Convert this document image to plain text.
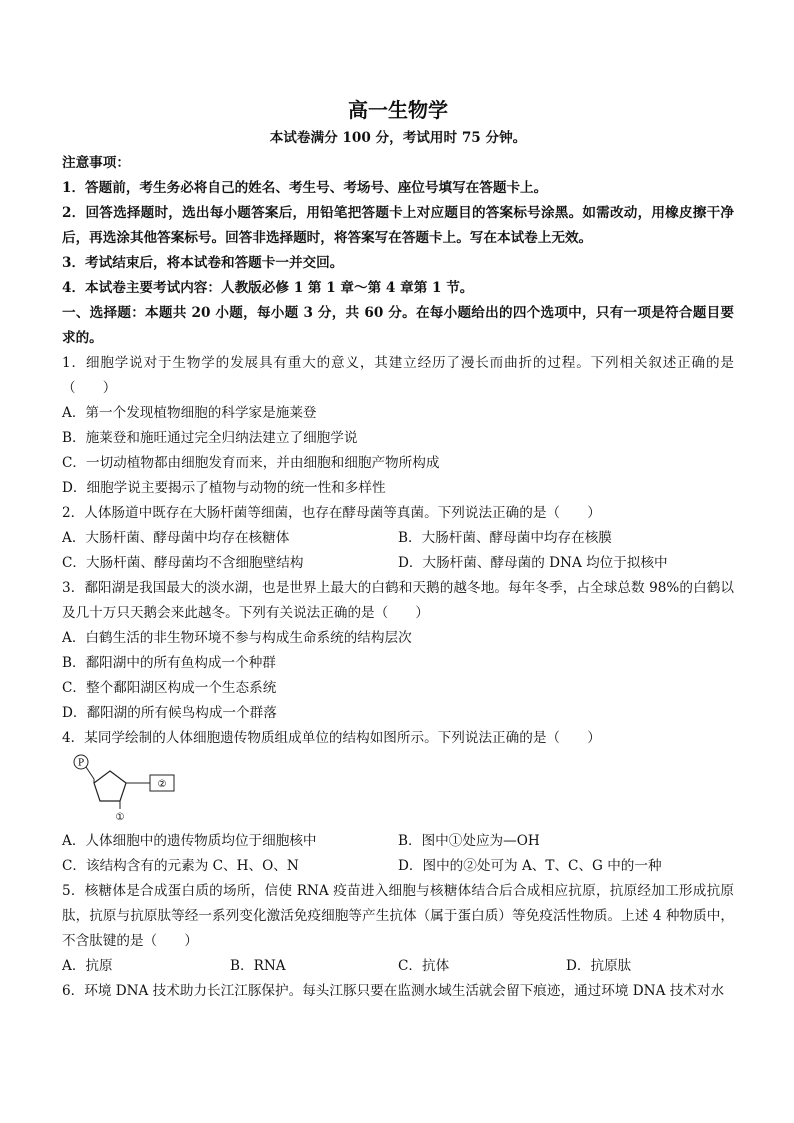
高一生物学
本试卷满分 100 分，考试用时 75 分钟。
注意事项：
1．答题前，考生务必将自己的姓名、考生号、考场号、座位号填写在答题卡上。
2．回答选择题时，选出每小题答案后，用铅笔把答题卡上对应题目的答案标号涂黑。如需改动，用橡皮擦干净后，再选涂其他答案标号。回答非选择题时，将答案写在答题卡上。写在本试卷上无效。
3．考试结束后，将本试卷和答题卡一并交回。
4．本试卷主要考试内容：人教版必修 1 第 1 章～第 4 章第 1 节。
一、选择题：本题共 20 小题，每小题 3 分，共 60 分。在每小题给出的四个选项中，只有一项是符合题目要求的。
1．细胞学说对于生物学的发展具有重大的意义，其建立经历了漫长而曲折的过程。下列相关叙述正确的是（　　）
A．第一个发现植物细胞的科学家是施莱登
B．施莱登和施旺通过完全归纳法建立了细胞学说
C．一切动植物都由细胞发育而来，并由细胞和细胞产物所构成
D．细胞学说主要揭示了植物与动物的统一性和多样性
2．人体肠道中既存在大肠杆菌等细菌，也存在酵母菌等真菌。下列说法正确的是（　　）
A．大肠杆菌、酵母菌中均存在核糖体	B．大肠杆菌、酵母菌中均存在核膜
C．大肠杆菌、酵母菌均不含细胞壁结构	D．大肠杆菌、酵母菌的 DNA 均位于拟核中
3．鄱阳湖是我国最大的淡水湖，也是世界上最大的白鹤和天鹅的越冬地。每年冬季，占全球总数 98%的白鹤以及几十万只天鹅会来此越冬。下列有关说法正确的是（　　）
A．白鹤生活的非生物环境不参与构成生命系统的结构层次
B．鄱阳湖中的所有鱼构成一个种群
C．整个鄱阳湖区构成一个生态系统
D．鄱阳湖的所有候鸟构成一个群落
4．某同学绘制的人体细胞遗传物质组成单位的结构如图所示。下列说法正确的是（　　）
P
②
①
A．人体细胞中的遗传物质均位于细胞核中	B．图中①处应为—OH
C．该结构含有的元素为 C、H、O、N	D．图中的②处可为 A、T、C、G 中的一种
5．核糖体是合成蛋白质的场所，信使 RNA 疫苗进入细胞与核糖体结合后合成相应抗原，抗原经加工形成抗原肽，抗原与抗原肽等经一系列变化激活免疫细胞等产生抗体（属于蛋白质）等免疫活性物质。上述 4 种物质中，不含肽键的是（　　）
A．抗原	B．RNA	C．抗体	D．抗原肽
6．环境 DNA 技术助力长江江豚保护。每头江豚只要在监测水域生活就会留下痕迹，通过环境 DNA 技术对水
